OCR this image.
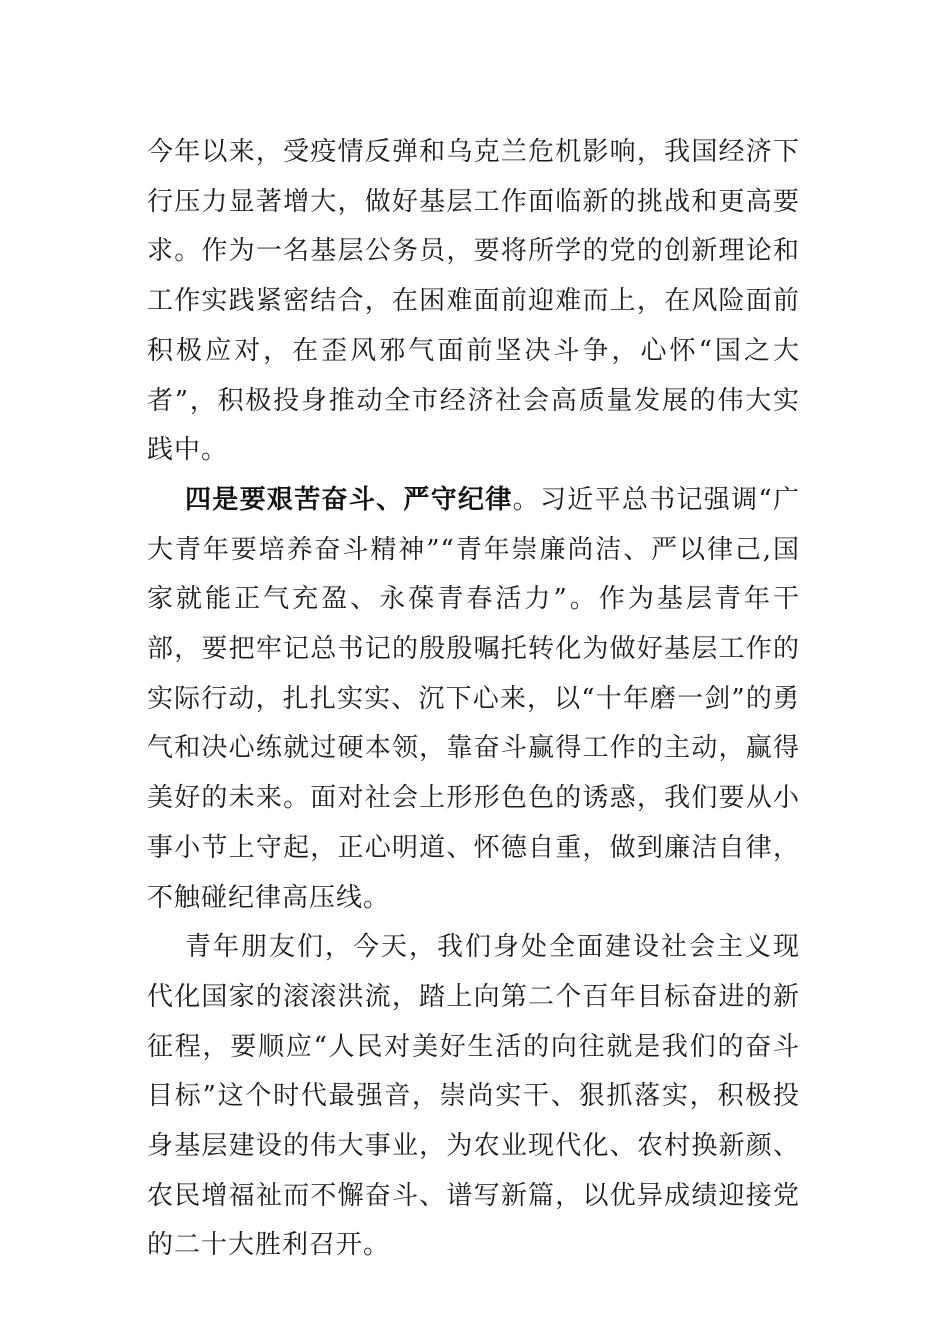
今年以来，受疫情反弹和乌克兰危机影响，我国经济下行压力显著增大，做好基层工作面临新的挑战和更高要求。作为一名基层公务员，要将所学的党的创新理论和工作实践紧密结合，在困难面前迎难而上，在风险面前积极应对，在歪风邪气面前坚决斗争，心怀“国之大者”，积极投身推动全市经济社会高质量发展的伟大实践中。

四是要艰苦奋斗、严守纪律。习近平总书记强调“广大青年要培养奋斗精神”“青年崇廉尚洁、严以律己,国家就能正气充盈、永葆青春活力”。作为基层青年干部，要把牢记总书记的殷殷嘱托转化为做好基层工作的实际行动，扎扎实实、沉下心来，以“十年磨一剑”的勇气和决心练就过硬本领，靠奋斗赢得工作的主动，赢得美好的未来。面对社会上形形色色的诱惑，我们要从小事小节上守起，正心明道、怀德自重，做到廉洁自律，不触碰纪律高压线。

青年朋友们，今天，我们身处全面建设社会主义现代化国家的滚滚洪流，踏上向第二个百年目标奋进的新征程，要顺应“人民对美好生活的向往就是我们的奋斗目标”这个时代最强音，崇尚实干、狠抓落实，积极投身基层建设的伟大事业，为农业现代化、农村换新颜、农民增福祉而不懈奋斗、谱写新篇，以优异成绩迎接党的二十大胜利召开。
